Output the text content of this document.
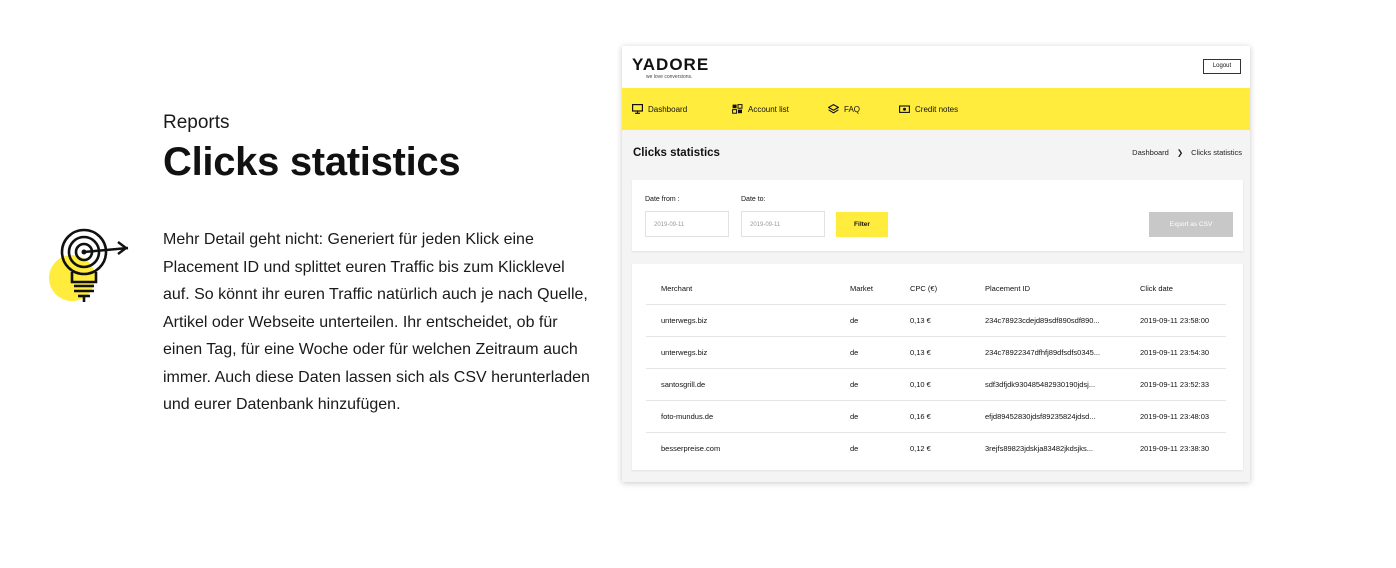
Reports
Clicks statistics
Mehr Detail geht nicht: Generiert für jeden Klick eine Placement ID und splittet euren Traffic bis zum Klicklevel auf. So könnt ihr euren Traffic natürlich auch je nach Quelle, Artikel oder Webseite unterteilen. Ihr entscheidet, ob für einen Tag, für eine Woche oder für welchen Zeitraum auch immer. Auch diese Daten lassen sich als CSV herunterladen und eurer Datenbank hinzufügen.
YADORE
we love conversions.
Logout
Dashboard	Account list	FAQ	Credit notes
Clicks statistics	Dashboard ❯ Clicks statistics
Date from :
2019-09-11
Date to:
2019-09-11	Filter	Export as CSV
Merchant	Market	CPC (€)	Placement ID	Click date
unterwegs.biz	de	0,13 €	234c78923cdejd89sdf890sdf890...	2019-09-11 23:58:00
unterwegs.biz	de	0,13 €	234c78922347dfhfj89dfsdfs0345...	2019-09-11 23:54:30
santosgrill.de	de	0,10 €	sdf3dfjdk930485482930190jdsj...	2019-09-11 23:52:33
foto-mundus.de	de	0,16 €	efjd89452830jdsf89235824jdsd...	2019-09-11 23:48:03
besserpreise.com	de	0,12 €	3rejfs89823jdskja83482jkdsjks...	2019-09-11 23:38:30
